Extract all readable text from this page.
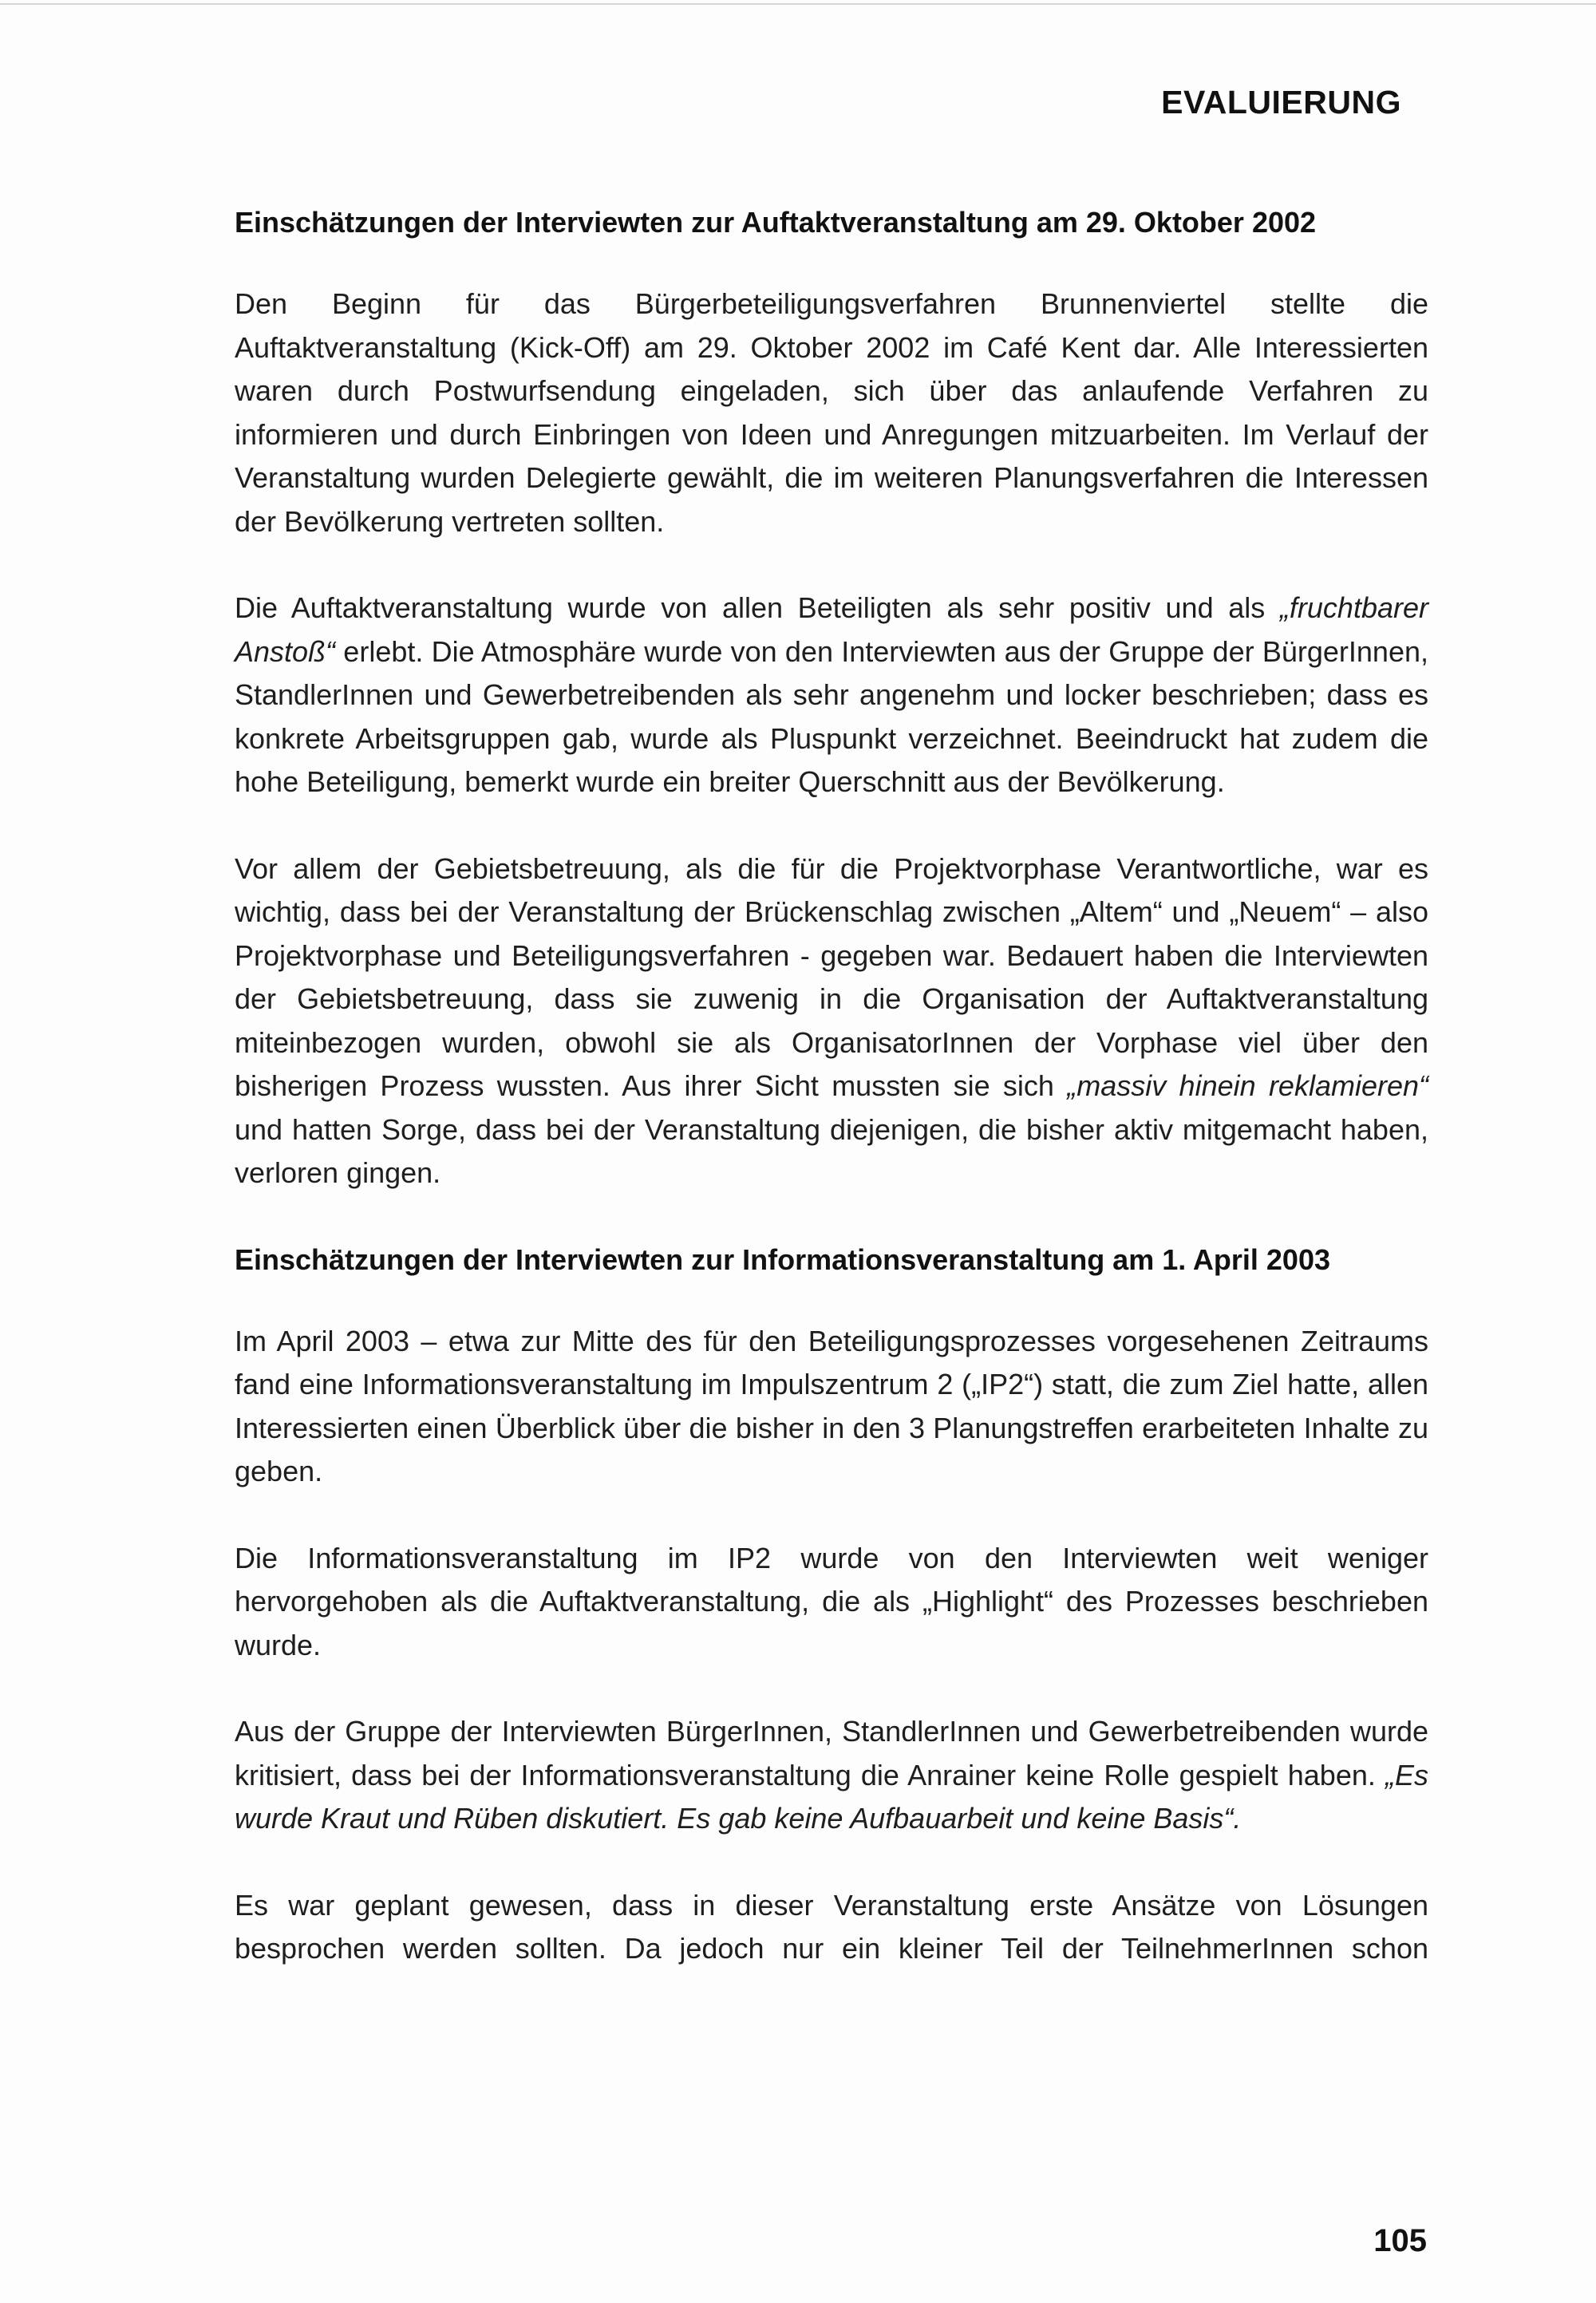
EVALUIERUNG
Einschätzungen der Interviewten zur Auftaktveranstaltung am 29. Oktober 2002

Den Beginn für das Bürgerbeteiligungsverfahren Brunnenviertel stellte die Auftaktveranstaltung (Kick-Off) am 29. Oktober 2002 im Café Kent dar. Alle Interessierten waren durch Postwurfsendung eingeladen, sich über das anlaufende Verfahren zu informieren und durch Einbringen von Ideen und Anregungen mitzuarbeiten. Im Verlauf der Veranstaltung wurden Delegierte gewählt, die im weiteren Planungsverfahren die Interessen der Bevölkerung vertreten sollten.

Die Auftaktveranstaltung wurde von allen Beteiligten als sehr positiv und als „fruchtbarer Anstoß“ erlebt. Die Atmosphäre wurde von den Interviewten aus der Gruppe der BürgerInnen, StandlerInnen und Gewerbetreibenden als sehr angenehm und locker beschrieben; dass es konkrete Arbeitsgruppen gab, wurde als Pluspunkt verzeichnet. Beeindruckt hat zudem die hohe Beteiligung, bemerkt wurde ein breiter Querschnitt aus der Bevölkerung.

Vor allem der Gebietsbetreuung, als die für die Projektvorphase Verantwortliche, war es wichtig, dass bei der Veranstaltung der Brückenschlag zwischen „Altem“ und „Neuem“ – also Projektvorphase und Beteiligungsverfahren - gegeben war. Bedauert haben die Interviewten der Gebietsbetreuung, dass sie zuwenig in die Organisation der Auftaktveranstaltung miteinbezogen wurden, obwohl sie als OrganisatorInnen der Vorphase viel über den bisherigen Prozess wussten. Aus ihrer Sicht mussten sie sich „massiv hinein reklamieren“ und hatten Sorge, dass bei der Veranstaltung diejenigen, die bisher aktiv mitgemacht haben, verloren gingen.

Einschätzungen der Interviewten zur Informationsveranstaltung am 1. April 2003

Im April 2003 – etwa zur Mitte des für den Beteiligungsprozesses vorgesehenen Zeitraums fand eine Informationsveranstaltung im Impulszentrum 2 („IP2“) statt, die zum Ziel hatte, allen Interessierten einen Überblick über die bisher in den 3 Planungstreffen erarbeiteten Inhalte zu geben.

Die Informationsveranstaltung im IP2 wurde von den Interviewten weit weniger hervorgehoben als die Auftaktveranstaltung, die als „Highlight“ des Prozesses beschrieben wurde.

Aus der Gruppe der Interviewten BürgerInnen, StandlerInnen und Gewerbetreibenden wurde kritisiert, dass bei der Informationsveranstaltung die Anrainer keine Rolle gespielt haben. „Es wurde Kraut und Rüben diskutiert. Es gab keine Aufbauarbeit und keine Basis“.

Es war geplant gewesen, dass in dieser Veranstaltung erste Ansätze von Lösungen besprochen werden sollten. Da jedoch nur ein kleiner Teil der TeilnehmerInnen schon

105
